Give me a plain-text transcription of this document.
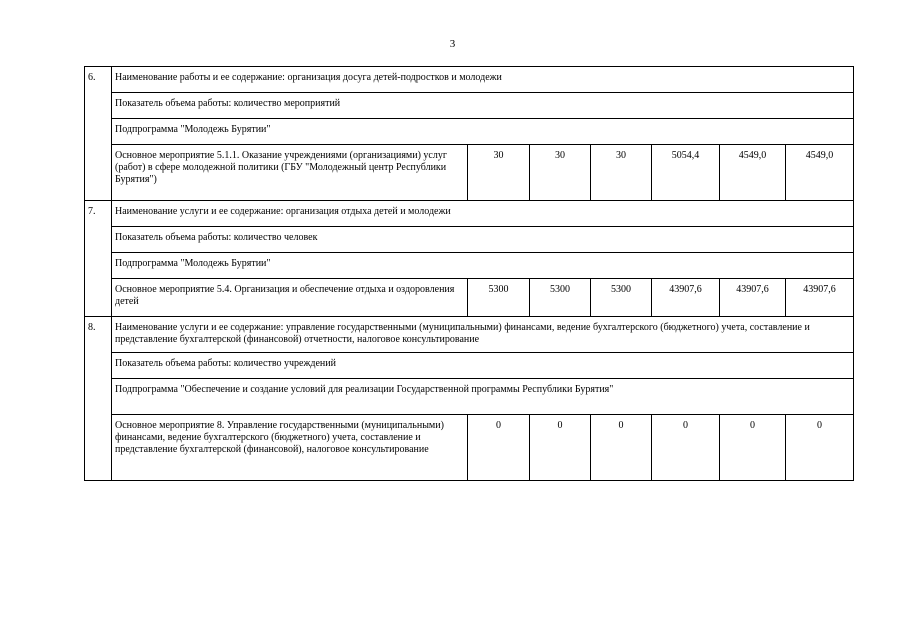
3
6.	Наименование работы и ее содержание: организация досуга детей-подростков и молодежи						
	Показатель объема работы: количество мероприятий						
	Подпрограмма "Молодежь Бурятии"						
	Основное мероприятие 5.1.1. Оказание учреждениями (организациями) услуг (работ) в сфере молодежной политики (ГБУ "Молодежный центр Республики Бурятия")	30	30	30	5054,4	4549,0	4549,0
7.	Наименование услуги и ее содержание: организация отдыха детей и молодежи						
	Показатель объема работы: количество человек						
	Подпрограмма "Молодежь Бурятии"						
	Основное мероприятие 5.4. Организация и обеспечение отдыха и оздоровления детей	5300	5300	5300	43907,6	43907,6	43907,6
8.	Наименование услуги и ее содержание: управление государственными (муниципальными) финансами, ведение бухгалтерского (бюджетного) учета, составление и представление бухгалтерской (финансовой) отчетности, налоговое консультирование						
	Показатель объема работы: количество учреждений						
	Подпрограмма "Обеспечение и создание условий для реализации Государственной программы Республики Бурятия"						
	Основное мероприятие 8. Управление государственными (муниципальными) финансами, ведение бухгалтерского (бюджетного) учета, составление и представление бухгалтерской (финансовой), налоговое консультирование	0	0	0	0	0	0
